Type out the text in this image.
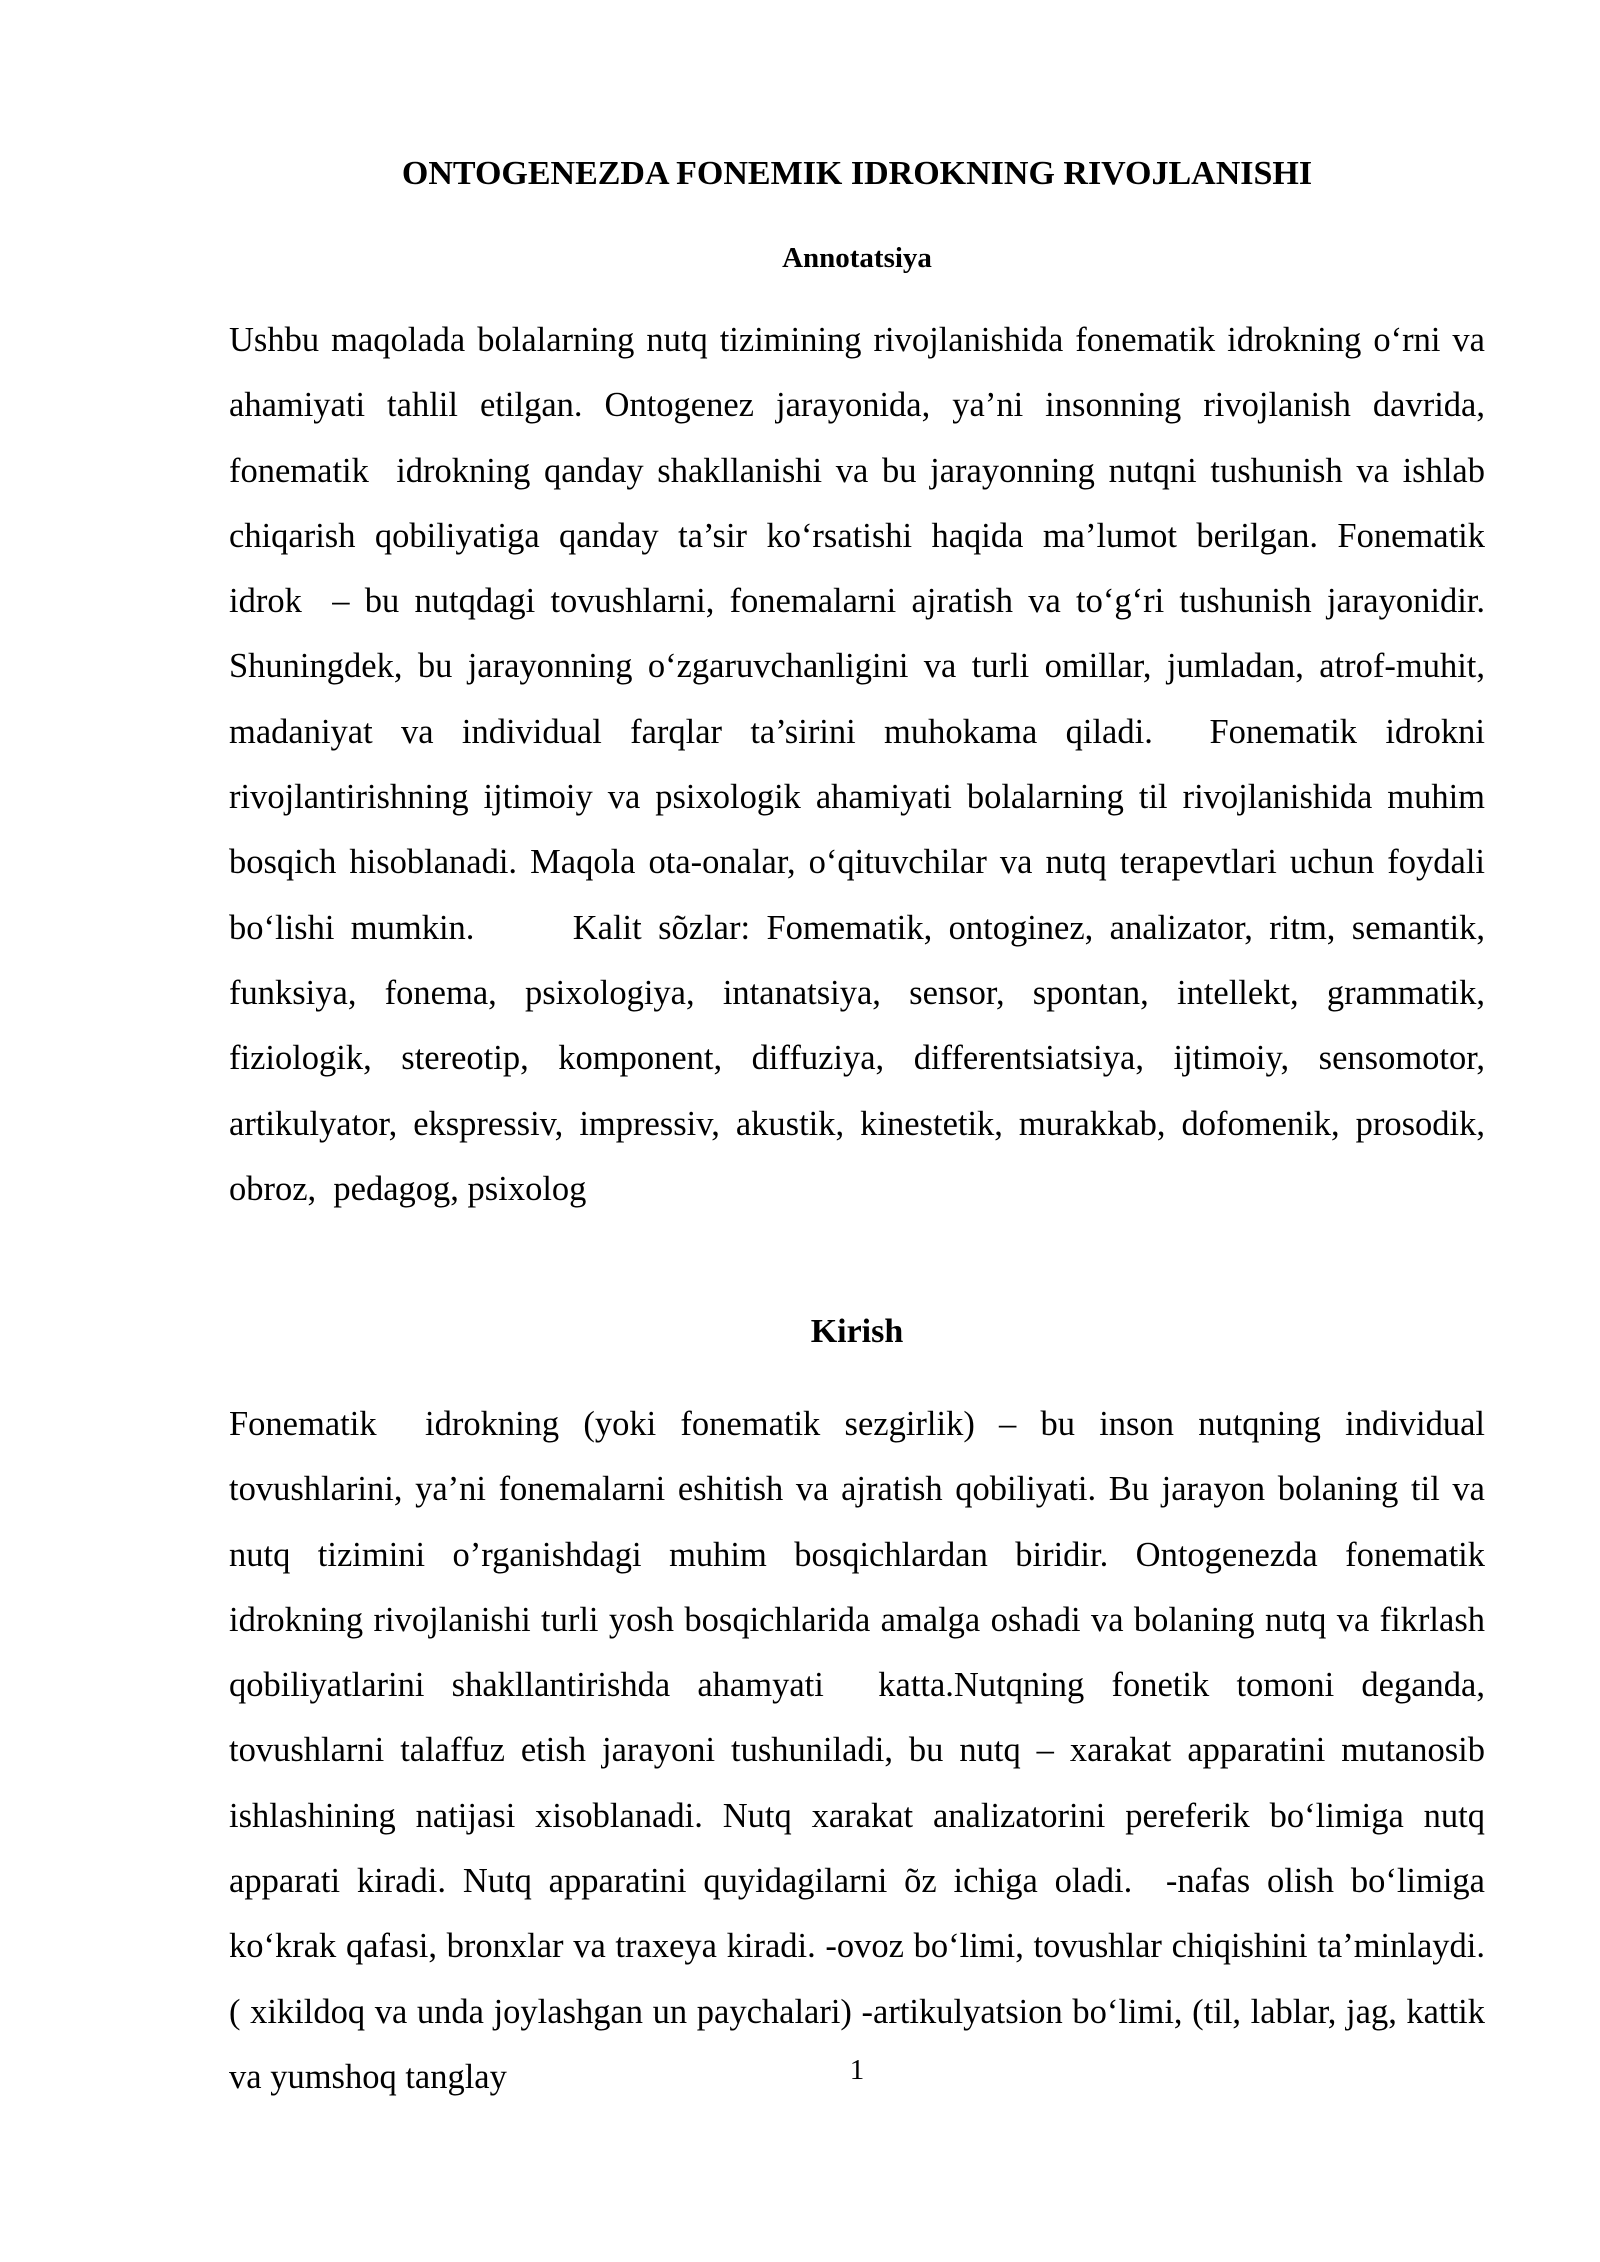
ONTOGENEZDA FONEMIK IDROKNING RIVOJLANISHI
Annotatsiya

Ushbu maqolada bolalarning nutq tizimining rivojlanishida fonematik idrokning oʻrni va ahamiyati tahlil etilgan. Ontogenez jarayonida, ya’ni insonning rivojlanish davrida, fonematik  idrokning qanday shakllanishi va bu jarayonning nutqni tushunish va ishlab chiqarish qobiliyatiga qanday ta’sir koʻrsatishi haqida ma’lumot berilgan. Fonematik  idrok  – bu nutqdagi tovushlarni, fonemalarni ajratish va toʻgʻri tushunish jarayonidir. Shuningdek, bu jarayonning oʻzgaruvchanligini va turli omillar, jumladan, atrof-muhit, madaniyat va individual farqlar ta’sirini muhokama qiladi.  Fonematik idrokni rivojlantirishning ijtimoiy va psixologik ahamiyati bolalarning til rivojlanishida muhim bosqich hisoblanadi. Maqola ota-onalar, oʻqituvchilar va nutq terapevtlari uchun foydali boʻlishi mumkin.      Kalit sõzlar: Fomematik, ontoginez, analizator, ritm, semantik, funksiya, fonema, psixologiya, intanatsiya, sensor, spontan, intellekt, grammatik, fiziologik, stereotip, komponent, diffuziya, differentsiatsiya, ijtimoiy, sensomotor, artikulyator, ekspressiv, impressiv, akustik, kinestetik, murakkab, dofomenik, prosodik, obroz,  pedagog, psixolog

Kirish

Fonematik  idrokning (yoki fonematik sezgirlik) – bu inson nutqning individual tovushlarini, ya’ni fonemalarni eshitish va ajratish qobiliyati. Bu jarayon bolaning til va nutq tizimini o’rganishdagi muhim bosqichlardan biridir. Ontogenezda fonematik  idrokning rivojlanishi turli yosh bosqichlarida amalga oshadi va bolaning nutq va fikrlash qobiliyatlarini shakllantirishda ahamyati  katta.Nutqning fonetik tomoni deganda, tovushlarni talaffuz etish jarayoni tushuniladi, bu nutq – xarakat apparatini mutanosib ishlashining natijasi xisoblanadi. Nutq xarakat analizatorini pereferik boʻlimiga nutq apparati kiradi. Nutq apparatini quyidagilarni õz ichiga oladi.  -nafas olish boʻlimiga koʻkrak qafasi, bronxlar va traxeya kiradi. -ovoz boʻlimi, tovushlar chiqishini ta’minlaydi.( xikildoq va unda joylashgan un paychalari) -artikulyatsion boʻlimi, (til, lablar, jag, kattik va yumshoq tanglay	1
